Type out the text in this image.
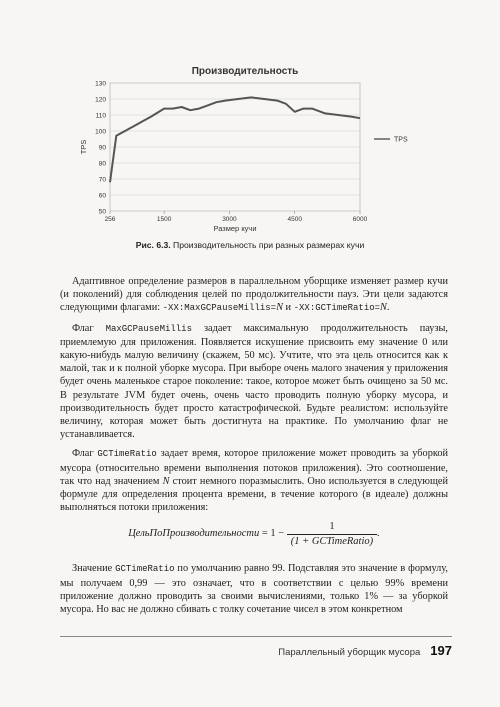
Производительность
50
60
70
80
90
100
110
120
130
256	1500	3000	4500	6000
Размер кучи
TPS	TPS
Рис. 6.3. Производительность при разных размерах кучи

Адаптивное определение размеров в параллельном уборщике изменяет размер кучи (и поколений) для соблюдения целей по продолжительности пауз. Эти цели задаются следующими флагами: -XX:MaxGCPauseMillis=N и -XX:GCTimeRatio=N.

Флаг MaxGCPauseMillis задает максимальную продолжительность паузы, приемлемую для приложения. Появляется искушение присвоить ему значение 0 или какую-нибудь малую величину (скажем, 50 мс). Учтите, что эта цель относится как к малой, так и к полной уборке мусора. При выборе очень малого значения у приложения будет очень маленькое старое поколение: такое, которое может быть очищено за 50 мс. В результате JVM будет очень, очень часто проводить полную уборку мусора, и производительность будет просто катастрофической. Будьте реалистом: используйте величину, которая может быть достигнута на практике. По умолчанию флаг не устанавливается.

Флаг GCTimeRatio задает время, которое приложение может проводить за уборкой мусора (относительно времени выполнения потоков приложения). Это соотношение, так что над значением N стоит немного поразмыслить. Оно используется в следующей формуле для определения процента времени, в течение которого (в идеале) должны выполняться потоки приложения:

ЦельПоПроизводительности = $1 - \frac{1}{\text{(1 + GCTimeRatio)}}$ .

Значение GCTimeRatio по умолчанию равно 99. Подставляя это значение в формулу, мы получаем 0,99 — это означает, что в соответствии с целью 99% времени приложение должно проводить за своими вычислениями, только 1% — за уборкой мусора. Но вас не должно сбивать с толку сочетание чисел в этом конкретном

Параллельный уборщик мусора 197
